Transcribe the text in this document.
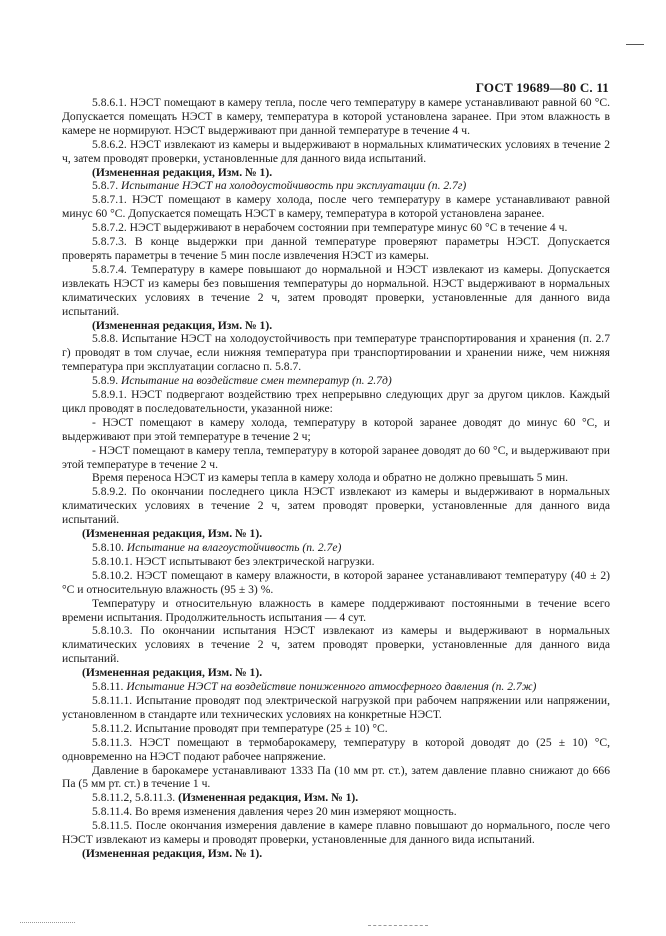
ГОСТ 19689—80 С. 11

5.8.6.1. НЭСТ помещают в камеру тепла, после чего температуру в камере устанавливают равной 60 °С. Допускается помещать НЭСТ в камеру, температура в которой установлена заранее. При этом влажность в камере не нормируют. НЭСТ выдерживают при данной температуре в течение 4 ч.

5.8.6.2. НЭСТ извлекают из камеры и выдерживают в нормальных климатических условиях в течение 2 ч, затем проводят проверки, установленные для данного вида испытаний.

(Измененная редакция, Изм. № 1).

5.8.7. Испытание НЭСТ на холодоустойчивость при эксплуатации (п. 2.7г)

5.8.7.1. НЭСТ помещают в камеру холода, после чего температуру в камере устанавливают равной минус 60 °С. Допускается помещать НЭСТ в камеру, температура в которой установлена заранее.

5.8.7.2. НЭСТ выдерживают в нерабочем состоянии при температуре минус 60 °С в течение 4 ч.

5.8.7.3. В конце выдержки при данной температуре проверяют параметры НЭСТ. Допускается проверять параметры в течение 5 мин после извлечения НЭСТ из камеры.

5.8.7.4. Температуру в камере повышают до нормальной и НЭСТ извлекают из камеры. Допускается извлекать НЭСТ из камеры без повышения температуры до нормальной. НЭСТ выдерживают в нормальных климатических условиях в течение 2 ч, затем проводят проверки, установленные для данного вида испытаний.

(Измененная редакция, Изм. № 1).

5.8.8. Испытание НЭСТ на холодоустойчивость при температуре транспортирования и хранения (п. 2.7 г) проводят в том случае, если нижняя температура при транспортировании и хранении ниже, чем нижняя температура при эксплуатации согласно п. 5.8.7.

5.8.9. Испытание на воздействие смен температур (п. 2.7д)

5.8.9.1. НЭСТ подвергают воздействию трех непрерывно следующих друг за другом циклов. Каждый цикл проводят в последовательности, указанной ниже:

- НЭСТ помещают в камеру холода, температуру в которой заранее доводят до минус 60 °С, и выдерживают при этой температуре в течение 2 ч;

- НЭСТ помещают в камеру тепла, температуру в которой заранее доводят до 60 °С, и выдерживают при этой температуре в течение 2 ч.

Время переноса НЭСТ из камеры тепла в камеру холода и обратно не должно превышать 5 мин.

5.8.9.2. По окончании последнего цикла НЭСТ извлекают из камеры и выдерживают в нормальных климатических условиях в течение 2 ч, затем проводят проверки, установленные для данного вида испытаний.

(Измененная редакция, Изм. № 1).

5.8.10. Испытание на влагоустойчивость (п. 2.7е)

5.8.10.1. НЭСТ испытывают без электрической нагрузки.

5.8.10.2. НЭСТ помещают в камеру влажности, в которой заранее устанавливают температуру (40 ± 2) °С и относительную влажность (95 ± 3) %.

Температуру и относительную влажность в камере поддерживают постоянными в течение всего времени испытания. Продолжительность испытания — 4 сут.

5.8.10.3. По окончании испытания НЭСТ извлекают из камеры и выдерживают в нормальных климатических условиях в течение 2 ч, затем проводят проверки, установленные для данного вида испытаний.

(Измененная редакция, Изм. № 1).

5.8.11. Испытание НЭСТ на воздействие пониженного атмосферного давления (п. 2.7ж)

5.8.11.1. Испытание проводят под электрической нагрузкой при рабочем напряжении или напряжении, установленном в стандарте или технических условиях на конкретные НЭСТ.

5.8.11.2. Испытание проводят при температуре (25 ± 10) °С.

5.8.11.3. НЭСТ помещают в термобарокамеру, температуру в которой доводят до (25 ± 10) °С, одновременно на НЭСТ подают рабочее напряжение.

Давление в барокамере устанавливают 1333 Па (10 мм рт. ст.), затем давление плавно снижают до 666 Па (5 мм рт. ст.) в течение 1 ч.

5.8.11.2, 5.8.11.3. (Измененная редакция, Изм. № 1).

5.8.11.4. Во время изменения давления через 20 мин измеряют мощность.

5.8.11.5. После окончания измерения давление в камере плавно повышают до нормального, после чего НЭСТ извлекают из камеры и проводят проверки, установленные для данного вида испытаний.

(Измененная редакция, Изм. № 1).
